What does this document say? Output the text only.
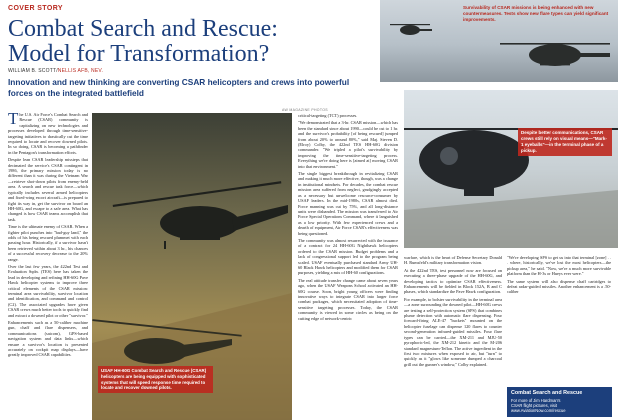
Survivability of CSAR missions is being enhanced with new countermeasures. Tests show new flare types can yield significant improvements.
COVER STORY
Combat Search and Rescue:
Model for Transformation?
WILLIAM B. SCOTT/NELLIS AFB, NEV.
Innovation and new thinking are converting CSAR helicopters and crews into powerful forces on the integrated battlefield
AW MAGAZINE PHOTOS

The U.S. Air Force's Combat Search and Rescue (CSAR) community is capitalizing on new technologies and processes developed through time-sensitive-targeting initiatives to drastically cut the time required to locate and recover downed pilots. In so doing, CSAR is becoming a pathfinder in the Pentagon's transformation efforts.

Despite lean CSAR leadership missteps that decimated the service's CSAR contingent in 1986, the primary mission today is no different than it was during the Vietnam War—retrieve shot-down pilots from enemy-held area. A search and rescue task force—which typically includes several armed helicopters and fixed-wing escort aircraft—is prepared to fight its way in, get the survivor on board an HH-60G, and escape to a safe area. What has changed is how CSAR teams accomplish that task.

Time is the ultimate enemy of CSAR. When a fighter pilot punches into "bad-guy land," the odds of his being rescued plummet with each passing hour. Historically, if a survivor hasn't been retrieved within about 3 hr., his chances of a successful recovery decrease to the 20% range.

Over the last few years, the 422nd Test and Evaluation Sqdn. (TES) here has taken the lead in developing and refining HH-60G Pave Hawk helicopter systems to improve three critical elements of the CSAR mission: terminal area survivability, survivor location and identification, and command and control (C2). The associated upgrades have given CSAR crews much better tools to quickly find and extract a downed pilot or other "survivor."

Enhancements such as a 50-caliber machine gun, chaff and flare dispensers, and communications (satcom), GPS-based navigation system and data links—which ensure a survivor's location is presented accurately on cockpit map displays—have greatly improved CSAR capabilities.

USAF HH-60G Combat Search and Rescue (CSAR) helicopters are being equipped with sophisticated systems that will speed response time required to locate and recover downed pilots.

critical-targeting (TCT) processes.

"We demonstrated that a 3-hr. CSAR mission—which has been the standard since about 1990—could be cut to 1 hr. and the survivor's probability [of being rescued] jumped from about 20% to around 80%," said Maj. Steven D. (Elroy) Colby, the 422nd TES HH-60G division commander. "We tripled a pilot's survivability by improving the time-sensitive-targeting process. Everything we're doing here is [aimed at] moving CSAR into that environment."

The single biggest breakthrough in revitalizing CSAR and making it much more effective, though, was a change in institutional mindsets. For decades, the combat rescue mission area suffered from neglect, grudgingly accepted as a necessary but unwelcome resource-consumer by USAF leaders. In the mid-1980s, CSAR almost died. Force manning was cut by 75%, and all long-distance units were disbanded. The mission was transferred to Air Force Special Operations Command, where it languished as a low priority. With few experienced crews and a dearth of equipment, Air Force CSAR's effectiveness was being questioned.

The community was almost resurrected with the issuance of a contract for 24 HH-60G Nighthawk helicopters ordered to the CSAR mission. Budget problems and a lack of congressional support led to the program being scaled. USAF eventually purchased standard Army UH-60 Black Hawk helicopters and modified them for CSAR purposes, yielding a mix of HH-60 configurations.

The real attitude transfer change came about seven years ago, when the USAF Weapons School activated an HH-60G course. Soon, bright young officers were finding innovative ways to integrate CSAR into larger force combat packages, which necessitated adoption of time-sensitive targeting processes. Today, the CSAR community is viewed in some circles as being on the cutting edge of network-centric

Despite better communications, CSAR crews still rely on visual means—"Mark-1 eyeballs"—in the terminal phase of a pickup.

warfare, which is the heart of Defense Secretary Donald H. Rumsfeld's military transformation vision.

At the 422nd TES, test personnel now are focused on executing a three-phase upgrade of the HH-60G, and developing tactics to optimize CSAR effectiveness. Enhancements will be fielded in Block 152A, B and C phases, which standardize the Pave Hawk configuration.

For example, to bolster survivability in the terminal area—a zone surrounding the downed pilot—HH-60G crews are testing a self-protection system (SPS) that combines plume detection with automatic flare dispensing. Four forward-firing ALE-47 "buckets" mounted on the helicopter fuselage can dispense 120 flares to counter second-generation infrared-guided missiles. Four flare types can be carried—the XM-211 and MJU-50 pyrophoric-led, the XM-212 kinetic and the M-206 standard magnesium-Teflon. The active ingredient in the first two mixtures when exposed to air, but "turn" to quickly as it "glows like someone dumped a charcoal grill out the gunner's window," Colby explained.

"We're developing SPS to get us into that terminal [zone] . . . where, historically, we've lost the most helicopters—the pickup area," he said. "Now, we're a much more survivable platform than the H-3s or Hueys ever were."

The same system will also dispense chaff cartridges to defeat radar-guided missiles. Another enhancement is a .50-caliber

Combat Search and Rescue
For more of Jim Hardman's
CSAR flight pictures, visit
www.AviationNow.com/rescue
